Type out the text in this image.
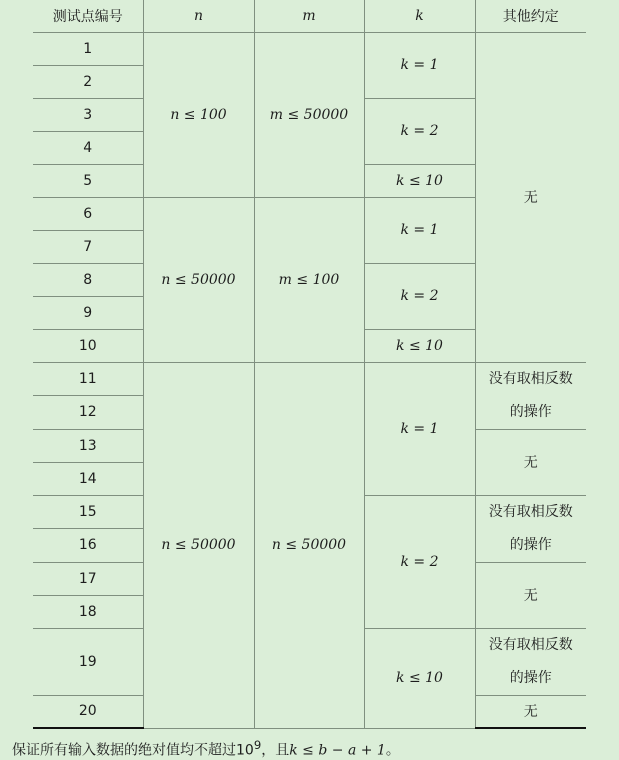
测试点编号	n	m	k	其他约定
1	n ≤ 100	m ≤ 50000	k = 1	无
2				
3			k = 2	
4				
5			k ≤ 10	
6	n ≤ 50000	m ≤ 100	k = 1	
7				
8			k = 2	
9				
10			k ≤ 10	
11	n ≤ 50000	n ≤ 50000	k = 1	没有取相反数
的操作

12				
13				无
14				
15			k = 2	没有取相反数
的操作

16				
17				无
18				
19			k ≤ 10	没有取相反数
的操作

20				无
保证所有输入数据的绝对值均不超过$10^9$，且k ≤ b − a + 1。
